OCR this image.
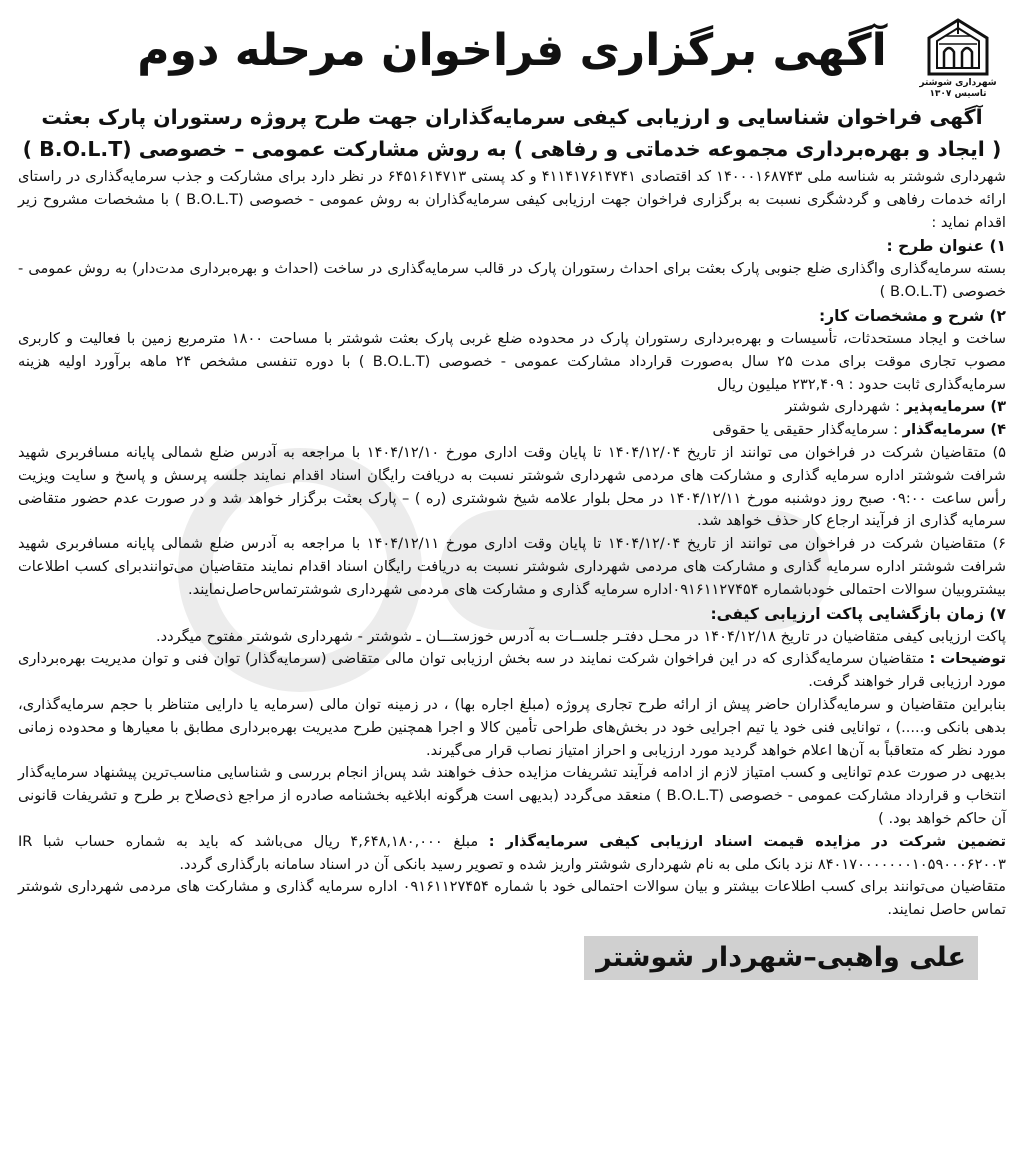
شهرداری شوشتر
تاسیس ۱۳۰۷
آگهی برگزاری فراخوان مرحله دوم
آگهی فراخوان شناسایی و ارزیابی کیفی سرمایه‌گذاران جهت طرح پروژه رستوران پارک بعثت
( ایجاد و بهره‌برداری مجموعه خدماتی و رفاهی ) به روش مشارکت عمومی – خصوصی (B.O.L.T )

شهرداری شوشتر به شناسه ملی ۱۴۰۰۰۱۶۸۷۴۳ کد اقتصادی ۴۱۱۴۱۷۶۱۴۷۴۱ و کد پستی ۶۴۵۱۶۱۴۷۱۳ در نظر دارد برای مشارکت و جذب سرمایه‌گذاری در راستای ارائه خدمات رفاهی و گردشگری نسبت به برگزاری فراخوان جهت ارزیابی کیفی سرمایه‌گذاران به روش عمومی - خصوصی (B.O.L.T ) با مشخصات مشروح زیر اقدام نماید :

۱) عنوان طرح :

بسته سرمایه‌گذاری واگذاری ضلع جنوبی پارک بعثت برای احداث رستوران پارک در قالب سرمایه‌گذاری در ساخت (احداث و بهره‌برداری مدت‌دار) به روش عمومی - خصوصی (B.O.L.T )

۲) شرح و مشخصات کار:

ساخت و ایجاد مستحدثات، تأسیسات و بهره‌برداری رستوران پارک در محدوده ضلع غربی پارک بعثت شوشتر با مساحت ۱۸۰۰ مترمربع زمین با فعالیت و کاربری مصوب تجاری موقت برای مدت ۲۵ سال به‌صورت قرارداد مشارکت عمومی - خصوصی (B.O.L.T ) با دوره تنفسی مشخص ۲۴ ماهه برآورد اولیه هزینه سرمایه‌گذاری ثابت حدود : ۲۳۲,۴۰۹ میلیون ریال

۳) سرمایه‌پذیر : شهرداری شوشتر

۴) سرمایه‌گذار : سرمایه‌گذار حقیقی یا حقوقی

۵) متقاضیان شرکت در فراخوان می توانند از تاریخ ۱۴۰۴/۱۲/۰۴ تا پایان وقت اداری مورخ ۱۴۰۴/۱۲/۱۰ با مراجعه به آدرس ضلع شمالی پایانه مسافربری شهید شرافت شوشتر اداره سرمایه گذاری و مشارکت های مردمی شهرداری شوشتر نسبت به دریافت رایگان اسناد اقدام نمایند جلسه پرسش و پاسخ و سایت ویزیت رأس ساعت ۰۹:۰۰ صبح روز دوشنبه مورخ ۱۴۰۴/۱۲/۱۱ در محل بلوار علامه شیخ شوشتری (ره ) – پارک بعثت برگزار خواهد شد و در صورت عدم حضور متقاضی سرمایه گذاری از فرآیند ارجاع کار حذف خواهد شد.

۶) متقاضیان شرکت در فراخوان می توانند از تاریخ ۱۴۰۴/۱۲/۰۴ تا پایان وقت اداری مورخ ۱۴۰۴/۱۲/۱۱ با مراجعه به آدرس ضلع شمالی پایانه مسافربری شهید شرافت شوشتر اداره سرمایه گذاری و مشارکت های مردمی شهرداری شوشتر نسبت به دریافت رایگان اسناد اقدام نمایند متقاضیان می‌توانندبرای کسب اطلاعات بیشتروبیان سوالات احتمالی خودباشماره ۰۹۱۶۱۱۲۷۴۵۴اداره سرمایه گذاری و مشارکت های مردمی شهرداری شوشترتماس‌حاصل‌نمایند.

۷) زمان بازگشایی پاکت ارزیابی کیفی:

پاکت ارزیابی کیفی متقاضیان در تاریخ ۱۴۰۴/۱۲/۱۸ در محـل دفتـر جلســات به آدرس خوزستـــان ـ شوشتر - شهرداری شوشتر مفتوح میگردد.

توضیحات : متقاضیان سرمایه‌گذاری که در این فراخوان شرکت نمایند در سه بخش ارزیابی توان مالی متقاضی (سرمایه‌گذار) توان فنی و توان مدیریت بهره‌برداری مورد ارزیابی قرار خواهند گرفت.

بنابراین متقاضیان و سرمایه‌گذاران حاضر پیش از ارائه طرح تجاری پروژه (مبلغ اجاره بها) ، در زمینه توان مالی (سرمایه یا دارایی متناظر با حجم سرمایه‌گذاری، بدهی بانکی و.....) ، توانایی فنی خود یا تیم اجرایی خود در بخش‌های طراحی تأمین کالا و اجرا همچنین طرح مدیریت بهره‌برداری مطابق با معیارها و محدوده زمانی مورد نظر که متعاقباً به آن‌ها اعلام خواهد گردید مورد ارزیابی و احراز امتیاز نصاب قرار می‌گیرند.

بدیهی در صورت عدم توانایی و کسب امتیاز لازم از ادامه فرآیند تشریفات مزایده حذف خواهند شد پس‌از انجام بررسی و شناسایی مناسب‌ترین پیشنهاد سرمایه‌گذار انتخاب و قرارداد مشارکت عمومی - خصوصی (B.O.L.T ) منعقد می‌گردد (بدیهی است هرگونه ابلاغیه بخشنامه صادره از مراجع ذی‌صلاح بر طرح و تشریفات قانونی آن حاکم خواهد بود. )

تضمین شرکت در مزایده قیمت اسناد ارزیابی کیفی سرمایه‌گذار : مبلغ ۴,۶۴۸,۱۸۰,۰۰۰ ریال می‌باشد که باید به شماره حساب شبا IR ۸۴۰۱۷۰۰۰۰۰۰۰۱۰۵۹۰۰۰۶۲۰۰۳ نزد بانک ملی به نام شهرداری شوشتر واریز شده و تصویر رسید بانکی آن در اسناد سامانه بارگذاری گردد.

متقاضیان می‌توانند برای کسب اطلاعات بیشتر و بیان سوالات احتمالی خود با شماره ۰۹۱۶۱۱۲۷۴۵۴ اداره سرمایه گذاری و مشارکت های مردمی شهرداری شوشتر تماس حاصل نمایند.

علی واهبی–شهردار شوشتر
